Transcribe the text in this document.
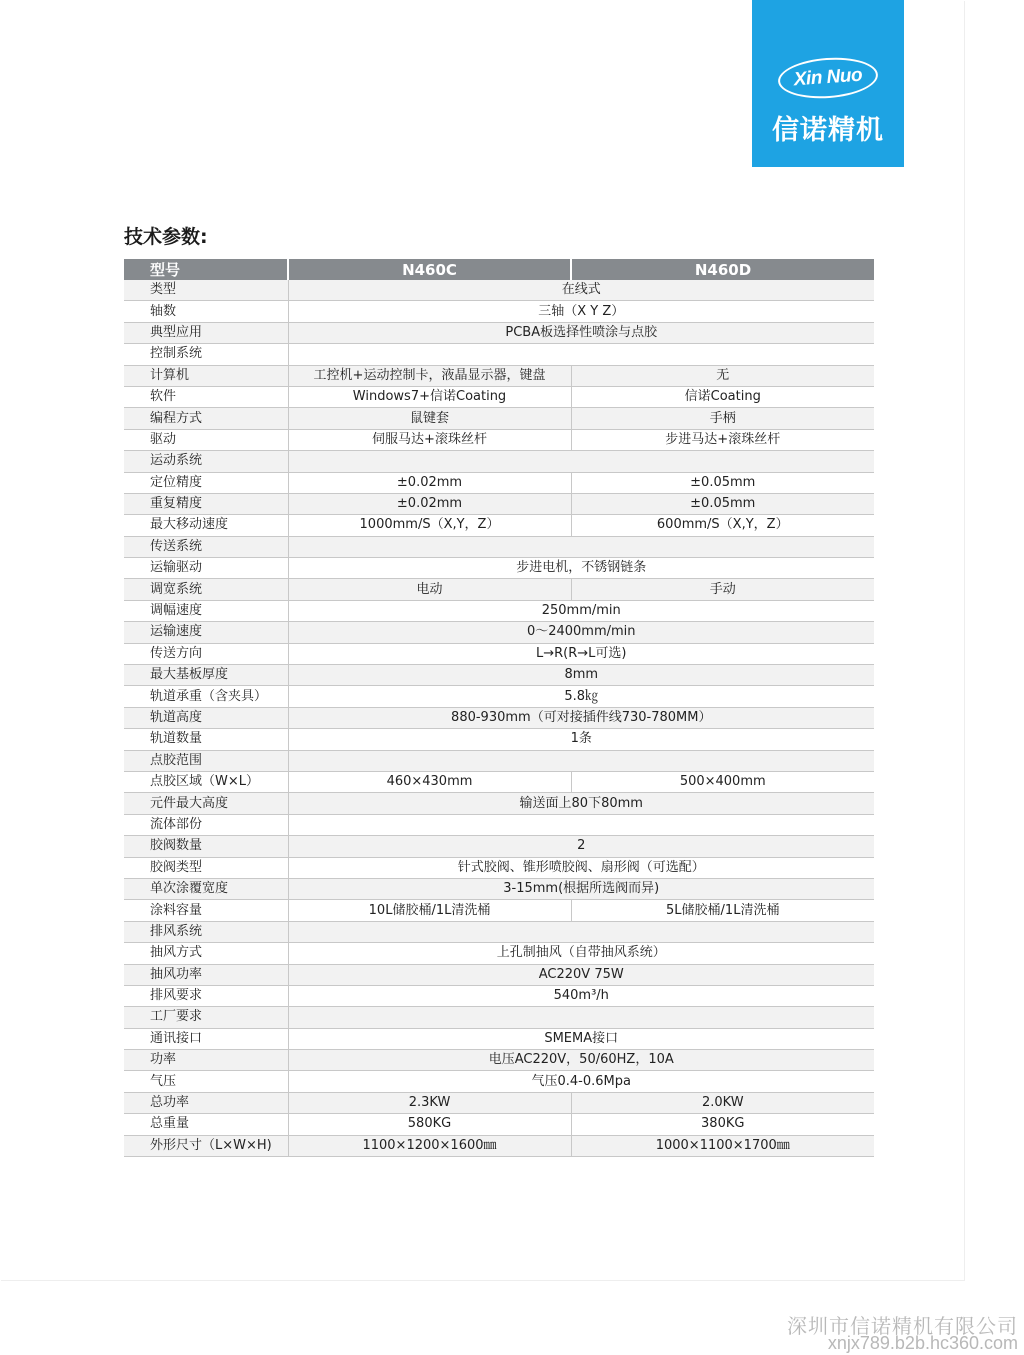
Xin Nuo
信诺精机
技术参数:
型号	N460C	N460D
类型	在线式	
轴数	三轴（X Y Z）	
典型应用	PCBA板选择性喷涂与点胶	
控制系统		
计算机	工控机+运动控制卡，液晶显示器，键盘	无
软件	Windows7+信诺Coating	信诺Coating
编程方式	鼠键套	手柄
驱动	伺服马达+滚珠丝杆	步进马达+滚珠丝杆
运动系统		
定位精度	±0.02mm	±0.05mm
重复精度	±0.02mm	±0.05mm
最大移动速度	1000mm/S（X,Y，Z）	600mm/S（X,Y，Z）
传送系统		
运输驱动	步进电机，不锈钢链条	
调宽系统	电动	手动
调幅速度	250mm/min	
运输速度	0～2400mm/min	
传送方向	L→R(R→L可选)	
最大基板厚度	8mm	
轨道承重（含夹具）	5.8㎏	
轨道高度	880-930mm（可对接插件线730-780MM）	
轨道数量	1条	
点胶范围		
点胶区域（W×L）	460×430mm	500×400mm
元件最大高度	输送面上80下80mm	
流体部份		
胶阀数量	2	
胶阀类型	针式胶阀、锥形喷胶阀、扇形阀（可选配）	
单次涂覆宽度	3-15mm(根据所选阀而异)	
涂料容量	10L储胶桶/1L清洗桶	5L储胶桶/1L清洗桶
排风系统		
抽风方式	上孔制抽风（自带抽风系统）	
抽风功率	AC220V 75W	
排风要求	540m³/h	
工厂要求		
通讯接口	SMEMA接口	
功率	电压AC220V，50/60HZ，10A	
气压	气压0.4-0.6Mpa	
总功率	2.3KW	2.0KW
总重量	580KG	380KG
外形尺寸（L×W×H)	1100×1200×1600㎜	1000×1100×1700㎜
深圳市信诺精机有限公司
xnjx789.b2b.hc360.com
